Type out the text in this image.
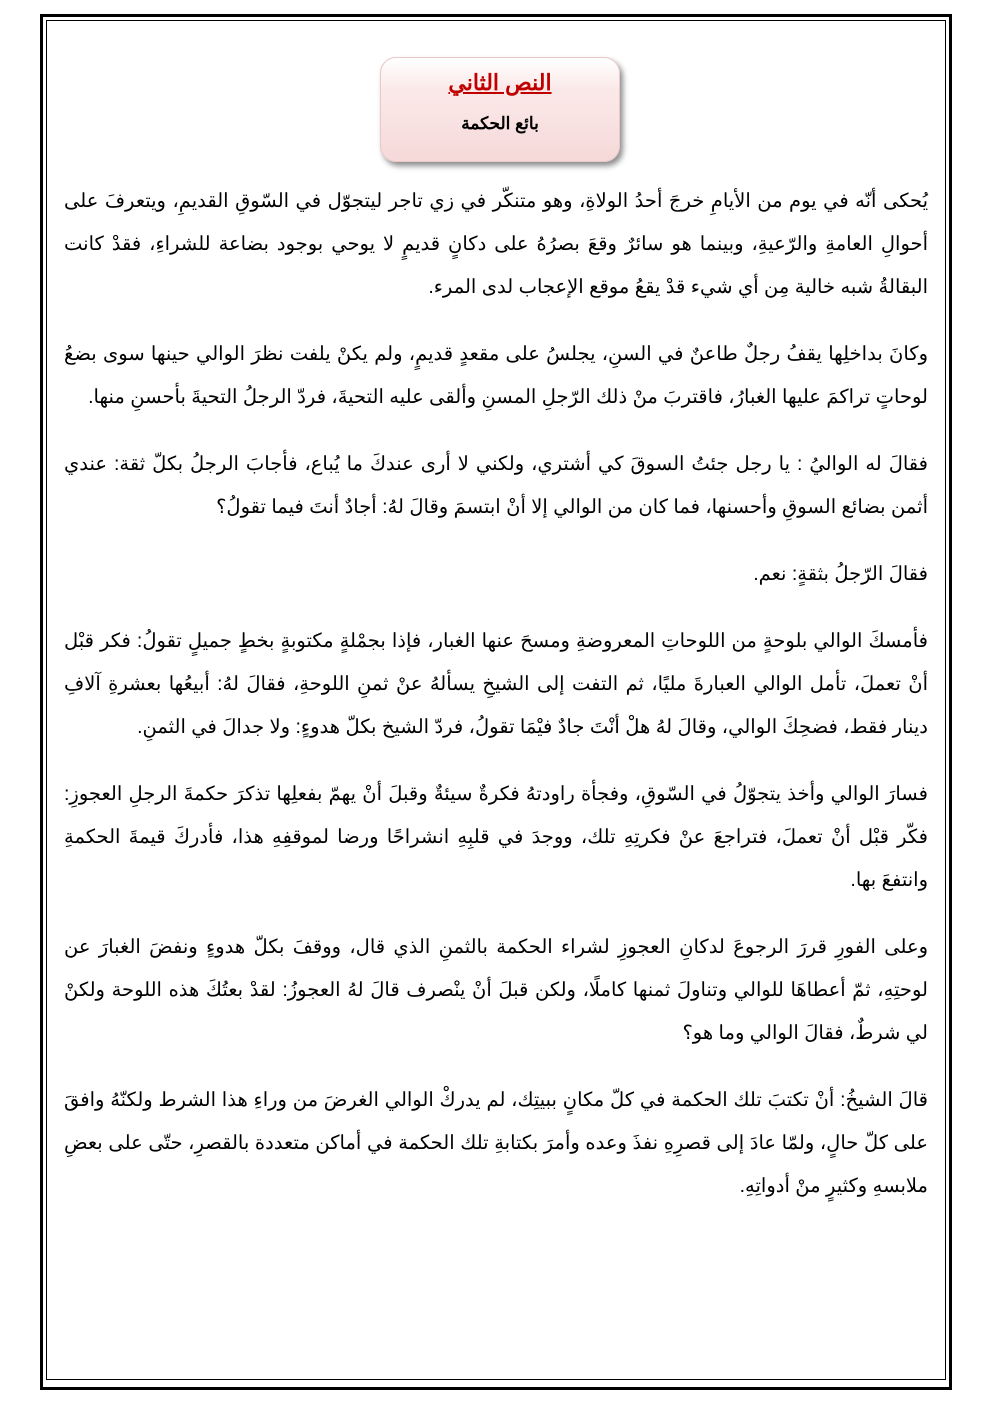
النص الثاني
بائع الحكمة

يُحكى أنّه في يوم من الأيامِ خرجَ أحدُ الولاةِ، وهو متنكّر في زي تاجر ليتجوّل في السّوقِ القديمِ، ويتعرفَ على أحوالِ العامةِ والرّعيةِ، وبينما هو سائرٌ وقعَ بصرُهُ على دكانٍ قديمٍ لا يوحي بوجود بضاعة للشراءِ، فقدْ كانت البقالةُ شبه خالية مِن أي شيء قدْ يقعُ موقع الإعجاب لدى المرء.

وكانَ بداخلِها يقفُ رجلٌ طاعنٌ في السنِ، يجلسُ على مقعدٍ قديمٍ، ولم يكنْ يلفت نظرَ الوالي حينها سوى بضعُ لوحاتٍ تراكمَ عليها الغبارُ، فاقتربَ منْ ذلك الرّجلِ المسنِ وألقى عليه التحيةَ، فردّ الرجلُ التحيةَ بأحسنِ منها.

فقالَ له الواليُ : يا رجل جئتُ السوقَ كي أشتري، ولكني لا أرى عندكَ ما يُباع، فأجابَ الرجلُ بكلّ ثقة: عندي أثمن بضائع السوقِ وأحسنها، فما كان من الوالي إلا أنْ ابتسمَ وقالَ لهُ: أجادٌ أنتَ فيما تقولُ؟

فقالَ الرّجلُ بثقةٍ: نعم.

فأمسكَ الوالي بلوحةٍ من اللوحاتِ المعروضةِ ومسحَ عنها الغبار، فإذا بجمْلةٍ مكتوبةٍ بخطٍ جميلٍ تقولُ: فكر قبْل أنْ تعملَ، تأمل الوالي العبارةَ مليًا، ثم التفت إلى الشيخِ يسألهُ عنْ ثمنِ اللوحةِ، فقالَ لهُ: أبيعُها بعشرةِ آلافِ دينار فقط، فضحِكَ الوالي، وقالَ لهُ هلْ أنْتَ جادٌ فيْمَا تقولُ، فردّ الشيخ بكلّ هدوءٍ: ولا جدالَ في الثمنِ.

فسارَ الوالي وأخذ يتجوّلُ في السّوقِ، وفجأة راودتهُ فكرةٌ سيئةٌ وقبلَ أنْ يهمّ بفعلِها تذكرَ حكمةَ الرجلِ العجوزِ: فكّر قبْل أنْ تعملَ، فتراجعَ عنْ فكرتِهِ تلك، ووجدَ في قلبِهِ انشراحًا ورضا لموقفِهِ هذا، فأدركَ قيمةَ الحكمةِ وانتفعَ بها.

وعلى الفورِ قررَ الرجوعَ لدكانِ العجوزِ لشراء الحكمة بالثمنِ الذي قال، ووقفَ بكلّ هدوءٍ ونفضَ الغبارَ عن لوحتِهِ، ثمّ أعطاهَا للوالي وتناولَ ثمنها كاملًا، ولكن قبلَ أنْ ينْصرف قالَ لهُ العجوزُ: لقدْ بعتُكَ هذه اللوحة ولكنْ لي شرطٌ، فقالَ الوالي وما هو؟

قالَ الشيخُ: أنْ تكتبَ تلك الحكمة في كلّ مكانٍ ببيتِك، لم يدركْ الوالي الغرضَ من وراءِ هذا الشرط ولكنّهُ وافقَ على كلّ حالٍ، ولمّا عادَ إلى قصرِهِ نفذَ وعده وأمرَ بكتابةِ تلك الحكمة في أماكن متعددة بالقصرِ، حتّى على بعضِ ملابسهِ وكثيرٍ منْ أدواتِهِ.
